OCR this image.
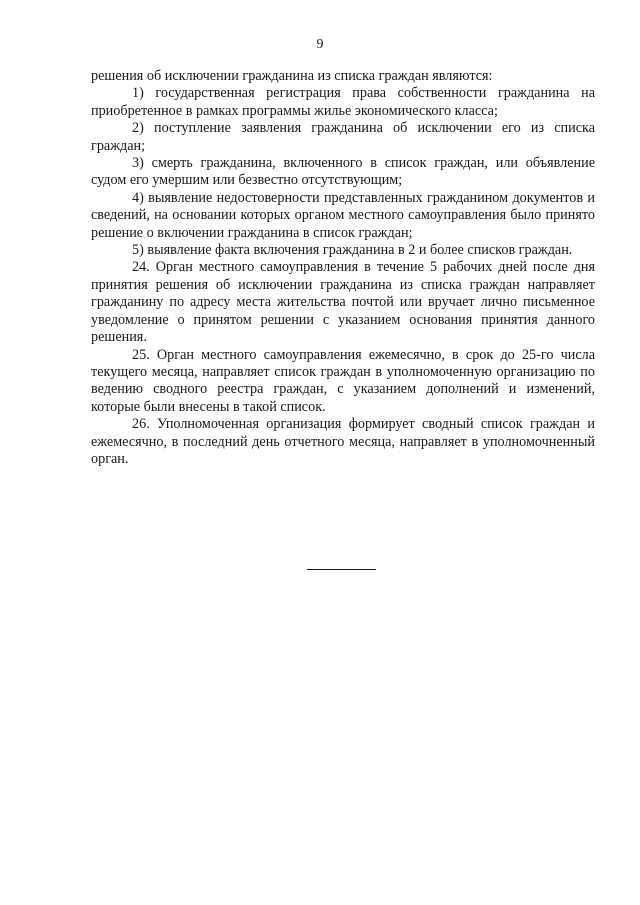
9

решения об исключении гражданина из списка граждан являются:

1) государственная регистрация права собственности гражданина на приобретенное в рамках программы жилье экономического класса;

2) поступление заявления гражданина об исключении его из списка граждан;

3) смерть гражданина, включенного в список граждан, или объявление судом его умершим или безвестно отсутствующим;

4) выявление недостоверности представленных гражданином документов и сведений, на основании которых органом местного самоуправления было принято решение о включении гражданина в список граждан;

5) выявление факта включения гражданина в 2 и более списков граждан.

24. Орган местного самоуправления в течение 5 рабочих дней после дня принятия решения об исключении гражданина из списка граждан направляет гражданину по адресу места жительства почтой или вручает лично письменное уведомление о принятом решении с указанием основания принятия данного решения.

25. Орган местного самоуправления ежемесячно, в срок до 25-го числа текущего месяца, направляет список граждан в уполномоченную организацию по ведению сводного реестра граждан, с указанием дополнений и изменений, которые были внесены в такой список.

26. Уполномоченная организация формирует сводный список граждан и ежемесячно, в последний день отчетного месяца, направляет в уполномочненный орган.
